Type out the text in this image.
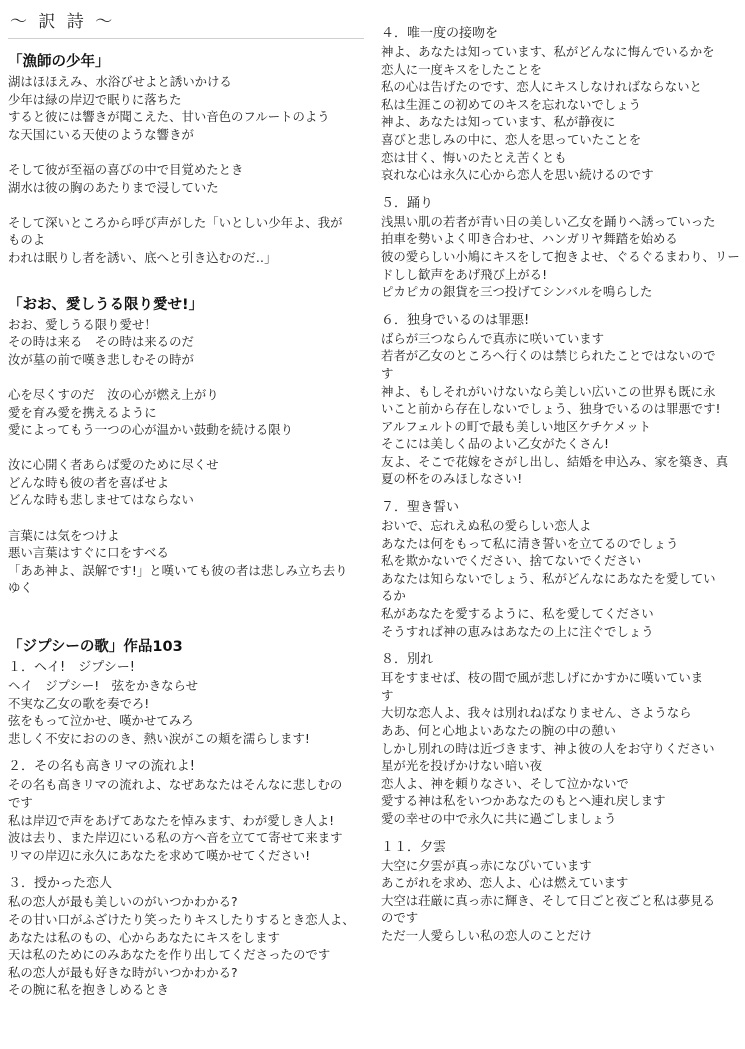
～ 訳 詩 ～
「漁師の少年」
湖はほほえみ、水浴びせよと誘いかける
少年は緑の岸辺で眠りに落ちた
すると彼には響きが聞こえた、甘い音色のフルートのよう
な天国にいる天使のような響きが
そして彼が至福の喜びの中で目覚めたとき
湖水は彼の胸のあたりまで浸していた
そして深いところから呼び声がした「いとしい少年よ、我が
ものよ
われは眠りし者を誘い、底へと引き込むのだ‥」
「おお、愛しうる限り愛せ!」
おお、愛しうる限り愛せ！
その時は来る　その時は来るのだ
汝が墓の前で嘆き悲しむその時が
心を尽くすのだ　汝の心が燃え上がり
愛を育み愛を携えるように
愛によってもう一つの心が温かい鼓動を続ける限り
汝に心開く者あらば愛のために尽くせ
どんな時も彼の者を喜ばせよ
どんな時も悲しませてはならない
言葉には気をつけよ
悪い言葉はすぐに口をすべる
「ああ神よ、誤解です!」と嘆いても彼の者は悲しみ立ち去り
ゆく
「ジプシーの歌」作品103
１．ヘイ!　ジプシー!
ヘイ　ジプシー!　弦をかきならせ
不実な乙女の歌を奏でろ!
弦をもって泣かせ、嘆かせてみろ
悲しく不安におののき、熱い涙がこの頬を濡らします!
２．その名も高きリマの流れよ!
その名も高きリマの流れよ、なぜあなたはそんなに悲しむの
です
私は岸辺で声をあげてあなたを悼みます、わが愛しき人よ!
波は去り、また岸辺にいる私の方へ音を立てて寄せて来ます
リマの岸辺に永久にあなたを求めて嘆かせてください!
３．授かった恋人
私の恋人が最も美しいのがいつかわかる?
その甘い口がふざけたり笑ったりキスしたりするとき恋人よ、
あなたは私のもの、心からあなたにキスをします
天は私のためにのみあなたを作り出してくださったのです
私の恋人が最も好きな時がいつかわかる?
その腕に私を抱きしめるとき
４．唯一度の接吻を
神よ、あなたは知っています、私がどんなに悔んでいるかを
恋人に一度キスをしたことを
私の心は告げたのです、恋人にキスしなければならないと
私は生涯この初めてのキスを忘れないでしょう
神よ、あなたは知っています、私が静夜に
喜びと悲しみの中に、恋人を思っていたことを
恋は甘く、悔いのたとえ苦くとも
哀れな心は永久に心から恋人を思い続けるのです
５．踊り
浅黒い肌の若者が青い日の美しい乙女を踊りへ誘っていった
拍車を勢いよく叩き合わせ、ハンガリヤ舞踏を始める
彼の愛らしい小鳩にキスをして抱きよせ、ぐるぐるまわり、リー
ドしし歓声をあげ飛び上がる!
ピカピカの銀貨を三つ投げてシンバルを鳴らした
６．独身でいるのは罪悪!
ばらが三つならんで真赤に咲いています
若者が乙女のところへ行くのは禁じられたことではないので
す
神よ、もしそれがいけないなら美しい広いこの世界も既に永
いこと前から存在しないでしょう、独身でいるのは罪悪です!
アルフェルトの町で最も美しい地区ケチケメット
そこには美しく品のよい乙女がたくさん!
友よ、そこで花嫁をさがし出し、結婚を申込み、家を築き、真
夏の杯をのみほしなさい!
７．聖き誓い
おいで、忘れえぬ私の愛らしい恋人よ
あなたは何をもって私に清き誓いを立てるのでしょう
私を欺かないでください、捨てないでください
あなたは知らないでしょう、私がどんなにあなたを愛してい
るか
私があなたを愛するように、私を愛してください
そうすれば神の恵みはあなたの上に注ぐでしょう
８．別れ
耳をすませば、枝の間で風が悲しげにかすかに嘆いていま
す
大切な恋人よ、我々は別れねばなりません、さようなら
ああ、何と心地よいあなたの腕の中の憩い
しかし別れの時は近づきます、神よ彼の人をお守りください
星が光を投げかけない暗い夜
恋人よ、神を頼りなさい、そして泣かないで
愛する神は私をいつかあなたのもとへ連れ戻します
愛の幸せの中で永久に共に過ごしましょう
１１．夕雲
大空に夕雲が真っ赤になびいています
あこがれを求め、恋人よ、心は燃えています
大空は荘厳に真っ赤に輝き、そして日ごと夜ごと私は夢見る
のです
ただ一人愛らしい私の恋人のことだけ
